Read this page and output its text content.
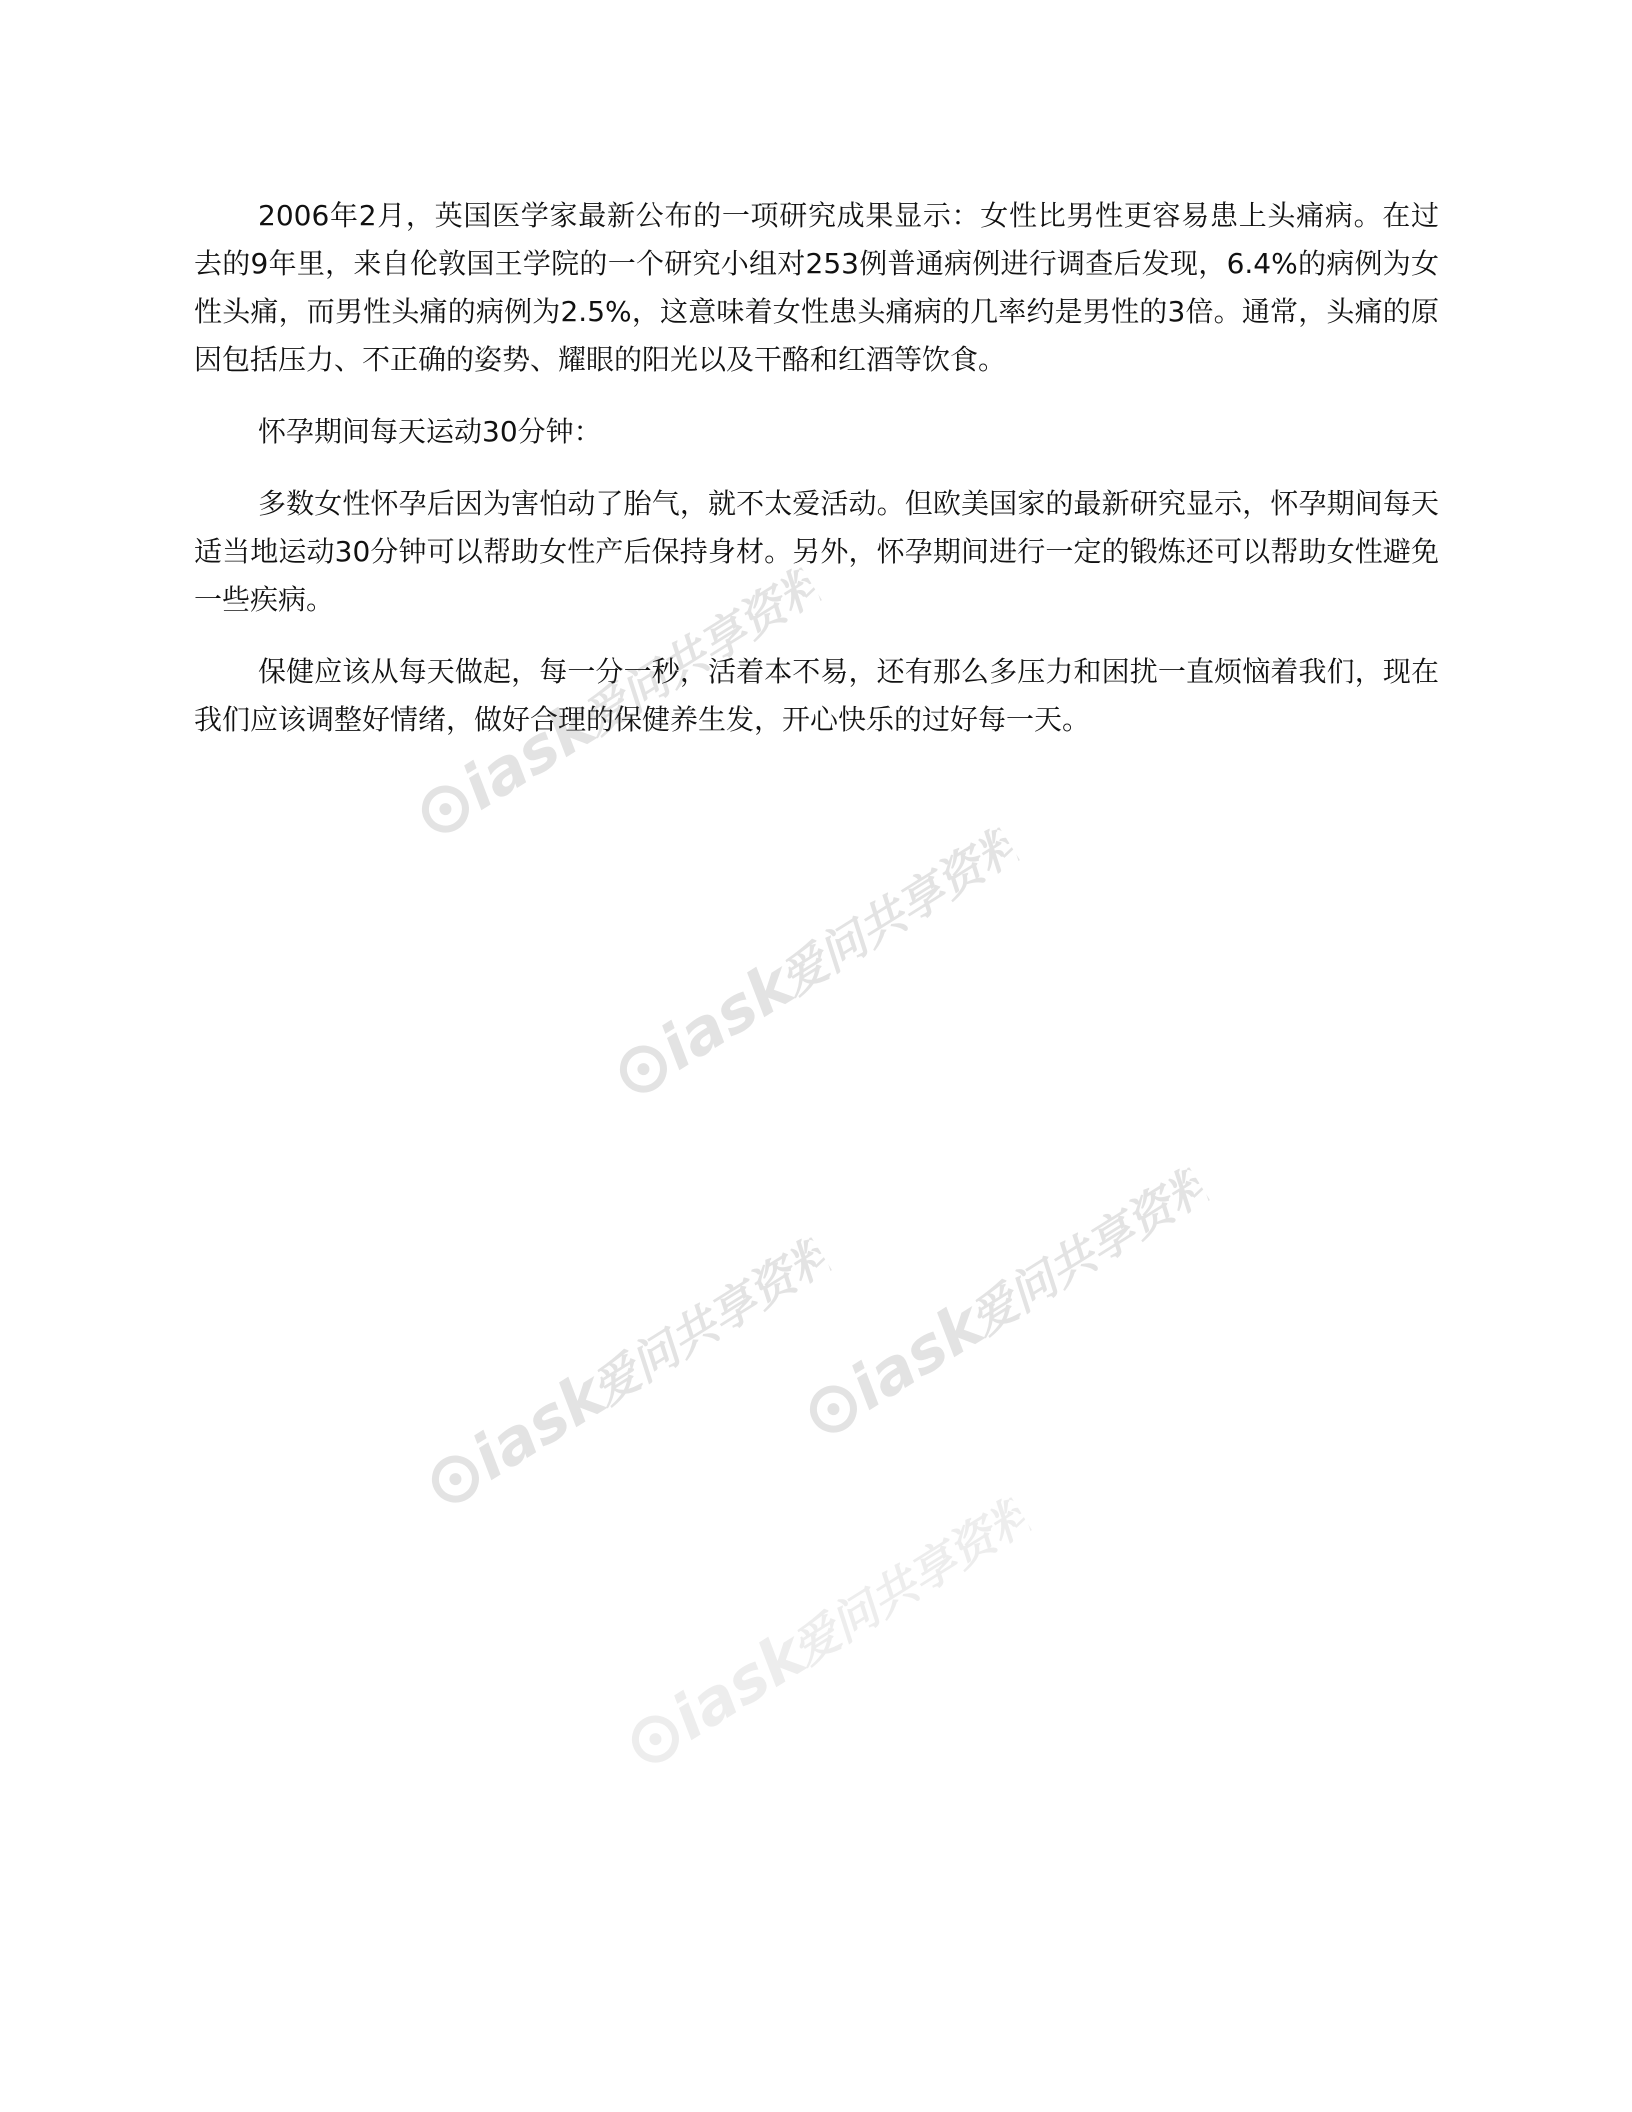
2006年2月，英国医学家最新公布的一项研究成果显示：女性比男性更容易患上头痛病。在过去的9年里，来自伦敦国王学院的一个研究小组对253例普通病例进行调查后发现，6.4%的病例为女性头痛，而男性头痛的病例为2.5%，这意味着女性患头痛病的几率约是男性的3倍。通常，头痛的原因包括压力、不正确的姿势、耀眼的阳光以及干酪和红酒等饮食。

怀孕期间每天运动30分钟：

多数女性怀孕后因为害怕动了胎气，就不太爱活动。但欧美国家的最新研究显示，怀孕期间每天适当地运动30分钟可以帮助女性产后保持身材。另外，怀孕期间进行一定的锻炼还可以帮助女性避免一些疾病。

保健应该从每天做起，每一分一秒，活着本不易，还有那么多压力和困扰一直烦恼着我们，现在我们应该调整好情绪，做好合理的保健养生发，开心快乐的过好每一天。

iask
爱问共享资料
iask
爱问共享资料
iask
爱问共享资料
iask
爱问共享资料
iask
爱问共享资料
